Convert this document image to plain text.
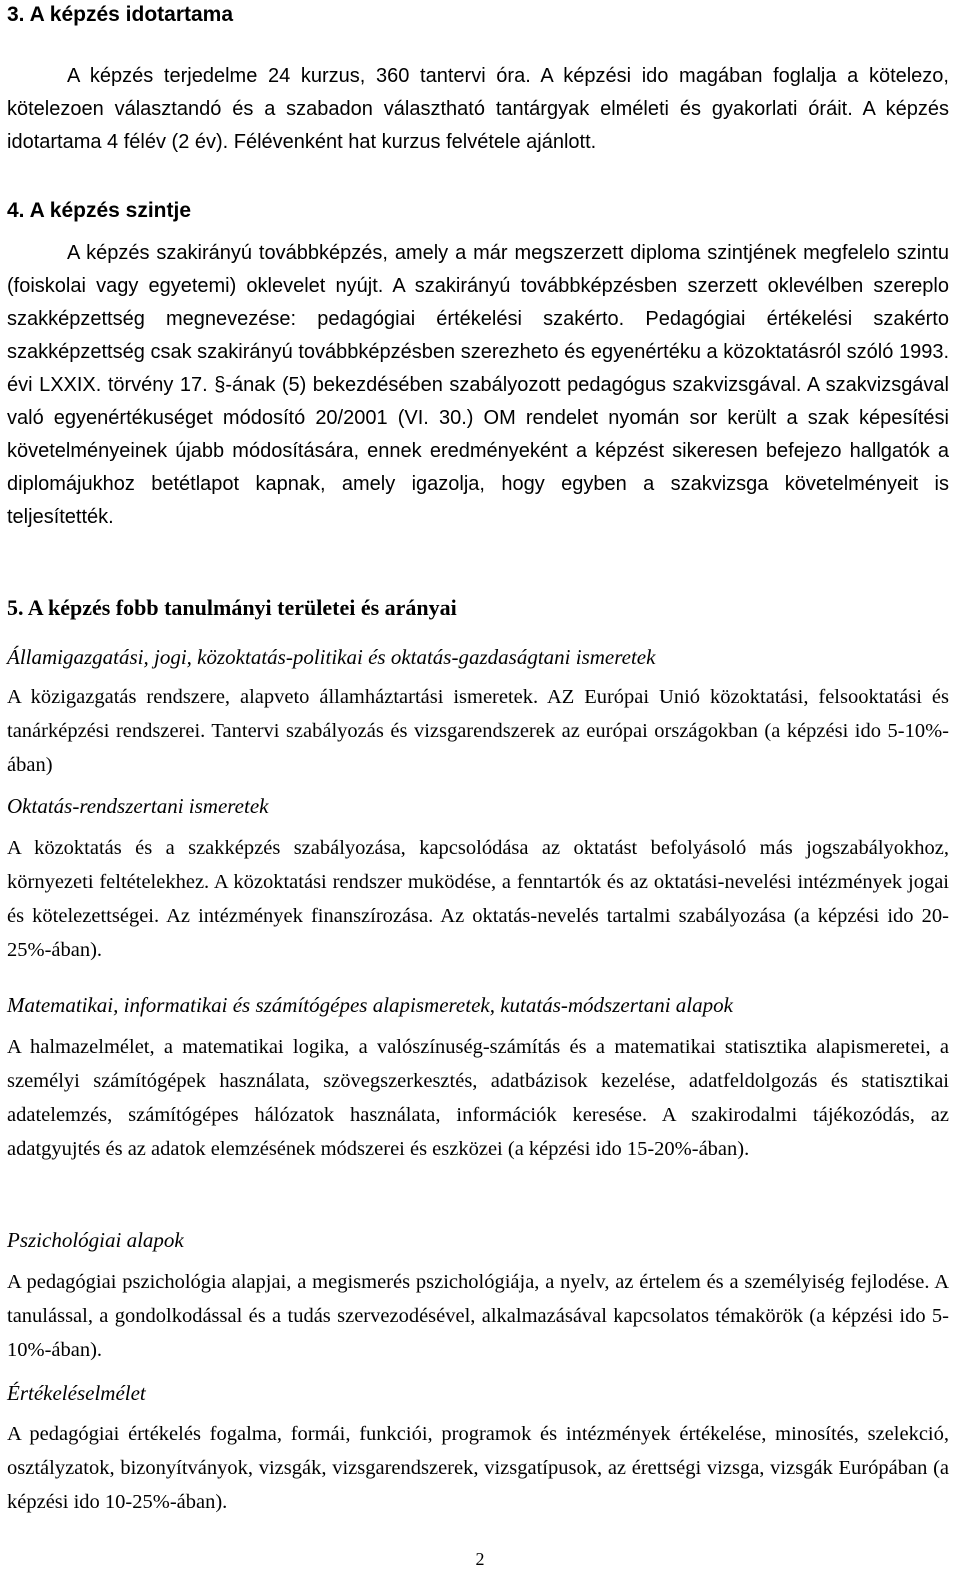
3. A képzés idotartama
A képzés terjedelme 24 kurzus, 360 tantervi óra. A képzési ido magában foglalja a kötelezo, kötelezoen választandó és a szabadon választható tantárgyak elméleti és gyakorlati óráit. A képzés idotartama 4 félév (2 év). Félévenként hat kurzus felvétele ajánlott.
4. A képzés szintje
A képzés szakirányú továbbképzés, amely a már megszerzett diploma szintjének megfelelo szintu (foiskolai vagy egyetemi) oklevelet nyújt. A szakirányú továbbképzésben szerzett oklevélben szereplo szakképzettség megnevezése: pedagógiai értékelési szakérto. Pedagógiai értékelési szakérto szakképzettség csak szakirányú továbbképzésben szerezheto és egyenértéku a közoktatásról szóló 1993. évi LXXIX. törvény 17. §-ának (5) bekezdésében szabályozott pedagógus szakvizsgával. A szakvizsgával való egyenértékuséget módosító 20/2001 (VI. 30.) OM rendelet nyomán sor került a szak képesítési követelményeinek újabb módosítására, ennek eredményeként a képzést sikeresen befejezo hallgatók a diplomájukhoz betétlapot kapnak, amely igazolja, hogy egyben a szakvizsga követelményeit is teljesítették.
5. A képzés fobb tanulmányi területei és arányai
Államigazgatási, jogi, közoktatás-politikai és oktatás-gazdaságtani ismeretek
A közigazgatás rendszere, alapveto államháztartási ismeretek. AZ Európai Unió közoktatási, felsooktatási és tanárképzési rendszerei. Tantervi szabályozás és vizsgarendszerek az európai országokban (a képzési ido 5-10%-ában)
Oktatás-rendszertani ismeretek
A közoktatás és a szakképzés szabályozása, kapcsolódása az oktatást befolyásoló más jogszabályokhoz, környezeti feltételekhez. A közoktatási rendszer muködése, a fenntartók és az oktatási-nevelési intézmények jogai és kötelezettségei. Az intézmények finanszírozása. Az oktatás-nevelés tartalmi szabályozása (a képzési ido 20-25%-ában).
Matematikai, informatikai és számítógépes alapismeretek, kutatás-módszertani alapok
A halmazelmélet, a matematikai logika, a valószínuség-számítás és a matematikai statisztika alapismeretei, a személyi számítógépek használata, szövegszerkesztés, adatbázisok kezelése, adatfeldolgozás és statisztikai adatelemzés, számítógépes hálózatok használata, információk keresése. A szakirodalmi tájékozódás, az adatgyujtés és az adatok elemzésének módszerei és eszközei (a képzési ido 15-20%-ában).
Pszichológiai alapok
A pedagógiai pszichológia alapjai, a megismerés pszichológiája, a nyelv, az értelem és a személyiség fejlodése. A tanulással, a gondolkodással és a tudás szervezodésével, alkalmazásával kapcsolatos témakörök (a képzési ido 5-10%-ában).
Értékeléselmélet
A pedagógiai értékelés fogalma, formái, funkciói, programok és intézmények értékelése, minosítés, szelekció, osztályzatok, bizonyítványok, vizsgák, vizsgarendszerek, vizsgatípusok, az érettségi vizsga, vizsgák Európában (a képzési ido 10-25%-ában).
2
